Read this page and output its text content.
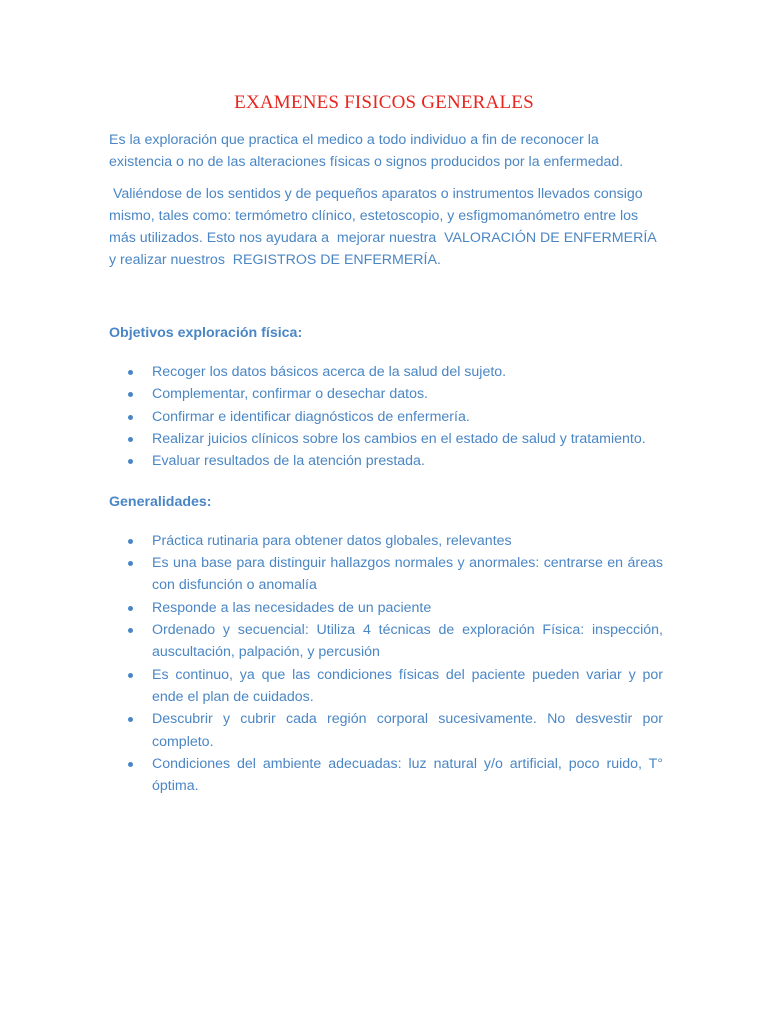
EXAMENES FISICOS GENERALES

Es la exploración que practica el medico a todo individuo a fin de reconocer la existencia o no de las alteraciones físicas o signos producidos por la enfermedad.

Valiéndose de los sentidos y de pequeños aparatos o instrumentos llevados consigo mismo, tales como: termómetro clínico, estetoscopio, y esfigmomanómetro entre los más utilizados. Esto nos ayudara a  mejorar nuestra  VALORACIÓN DE ENFERMERÍA y realizar nuestros  REGISTROS DE ENFERMERÍA.

Objetivos exploración física:

Recoger los datos básicos acerca de la salud del sujeto.
Complementar, confirmar o desechar datos.
Confirmar e identificar diagnósticos de enfermería.
Realizar juicios clínicos sobre los cambios en el estado de salud y tratamiento.
Evaluar resultados de la atención prestada.

Generalidades:

Práctica rutinaria para obtener datos globales, relevantes
Es una base para distinguir hallazgos normales y anormales: centrarse en áreas con disfunción o anomalía
Responde a las necesidades de un paciente
Ordenado y secuencial: Utiliza 4 técnicas de exploración Física: inspección, auscultación, palpación, y percusión
Es continuo, ya que las condiciones físicas del paciente pueden variar y por ende el plan de cuidados.
Descubrir y cubrir cada región corporal sucesivamente. No desvestir por completo.
Condiciones del ambiente adecuadas: luz natural y/o artificial, poco ruido, T° óptima.
